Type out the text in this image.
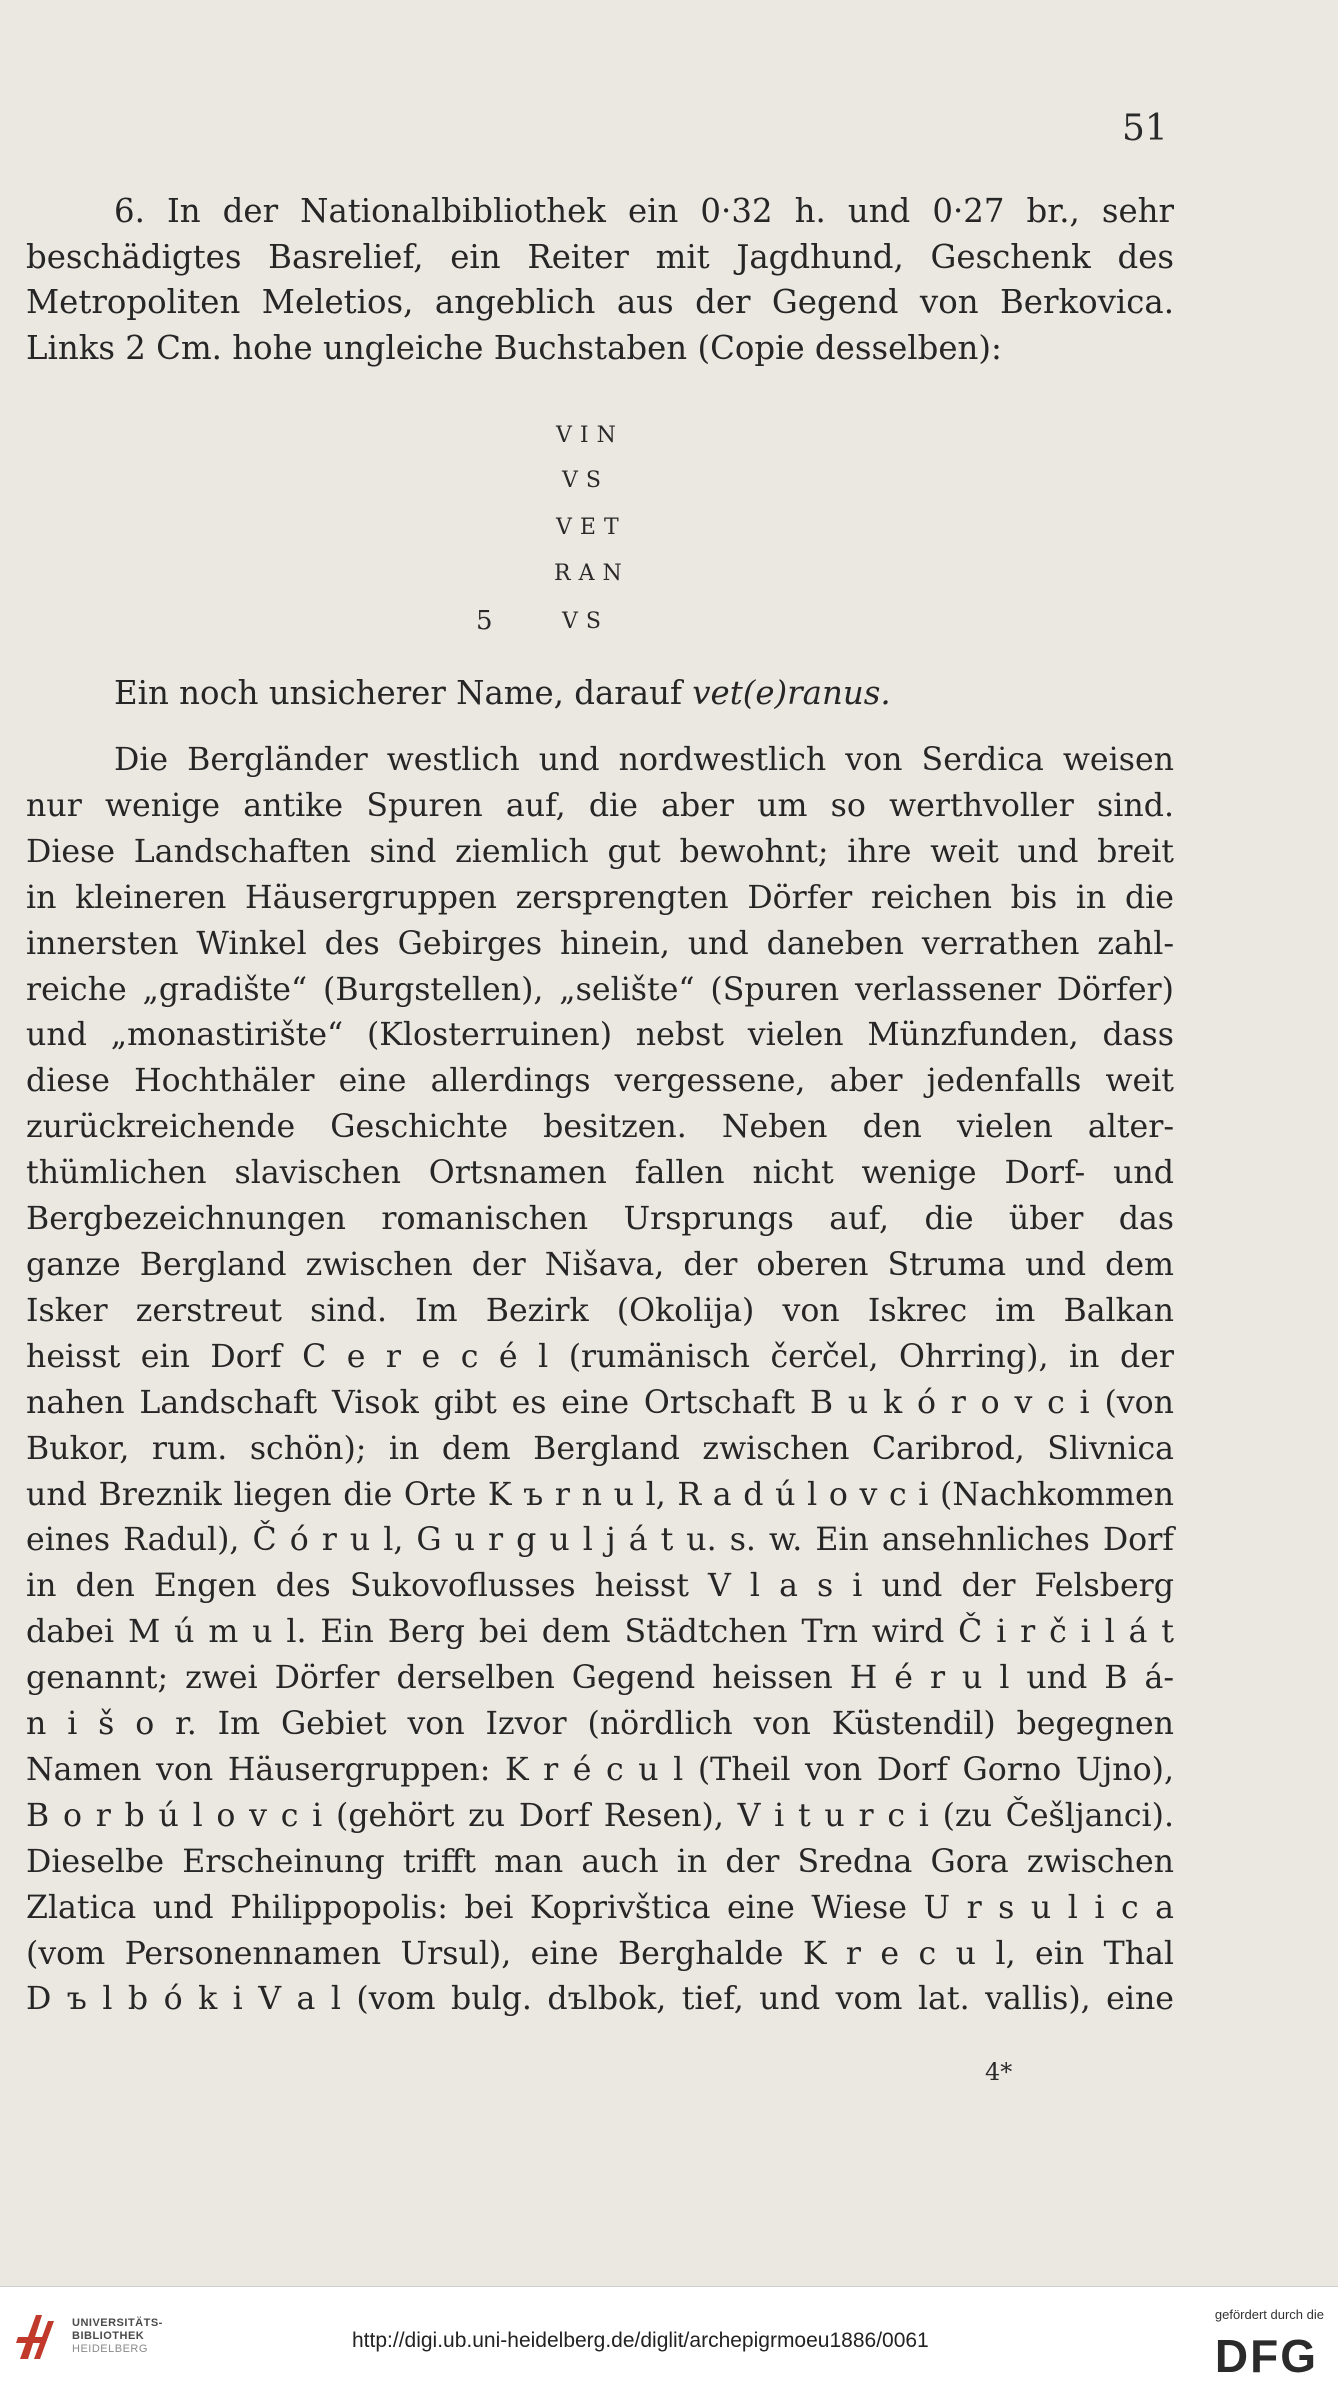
51
6. In der Nationalbibliothek ein 0·32 h. und 0·27 br., sehr
beschädigtes Basrelief, ein Reiter mit Jagdhund, Geschenk des
Metropoliten Meletios, angeblich aus der Gegend von Berkovica.
Links 2 Cm. hohe ungleiche Buchstaben (Copie desselben):
VIN
VS
VET
RAN
VS
5
Ein noch unsicherer Name, darauf vet(e)ranus.
Die Bergländer westlich und nordwestlich von Serdica weisen
nur wenige antike Spuren auf, die aber um so werthvoller sind.
Diese Landschaften sind ziemlich gut bewohnt; ihre weit und breit
in kleineren Häusergruppen zersprengten Dörfer reichen bis in die
innersten Winkel des Gebirges hinein, und daneben verrathen zahl-
reiche „gradište“ (Burgstellen), „selište“ (Spuren verlassener Dörfer)
und „monastirište“ (Klosterruinen) nebst vielen Münzfunden, dass
diese Hochthäler eine allerdings vergessene, aber jedenfalls weit
zurückreichende Geschichte besitzen. Neben den vielen alter-
thümlichen slavischen Ortsnamen fallen nicht wenige Dorf- und
Bergbezeichnungen romanischen Ursprungs auf, die über das
ganze Bergland zwischen der Nišava, der oberen Struma und dem
Isker zerstreut sind. Im Bezirk (Okolija) von Iskrec im Balkan
heisst ein Dorf C e r e c é l (rumänisch čerčel, Ohrring), in der
nahen Landschaft Visok gibt es eine Ortschaft B u k ó r o v c i (von
Bukor, rum. schön); in dem Bergland zwischen Caribrod, Slivnica
und Breznik liegen die Orte K ъ r n u l, R a d ú l o v c i (Nachkommen
eines Radul), Č ó r u l, G u r g u l j á t u. s. w. Ein ansehnliches Dorf
in den Engen des Sukovoflusses heisst V l a s i und der Felsberg
dabei M ú m u l. Ein Berg bei dem Städtchen Trn wird Č i r č i l á t
genannt; zwei Dörfer derselben Gegend heissen H é r u l und B á-
n i š o r. Im Gebiet von Izvor (nördlich von Küstendil) begegnen
Namen von Häusergruppen: K r é c u l (Theil von Dorf Gorno Ujno),
B o r b ú l o v c i (gehört zu Dorf Resen), V i t u r c i (zu Češljanci).
Dieselbe Erscheinung trifft man auch in der Sredna Gora zwischen
Zlatica und Philippopolis: bei Koprivštica eine Wiese U r s u l i c a
(vom Personennamen Ursul), eine Berghalde K r e c u l, ein Thal
D ъ l b ó k i V a l (vom bulg. dъlbok, tief, und vom lat. vallis), eine
4*
UNIVERSITÄTS-
BIBLIOTHEK
HEIDELBERG	http://digi.ub.uni-heidelberg.de/diglit/archepigrmoeu1886/0061
gefördert durch die
DFG
